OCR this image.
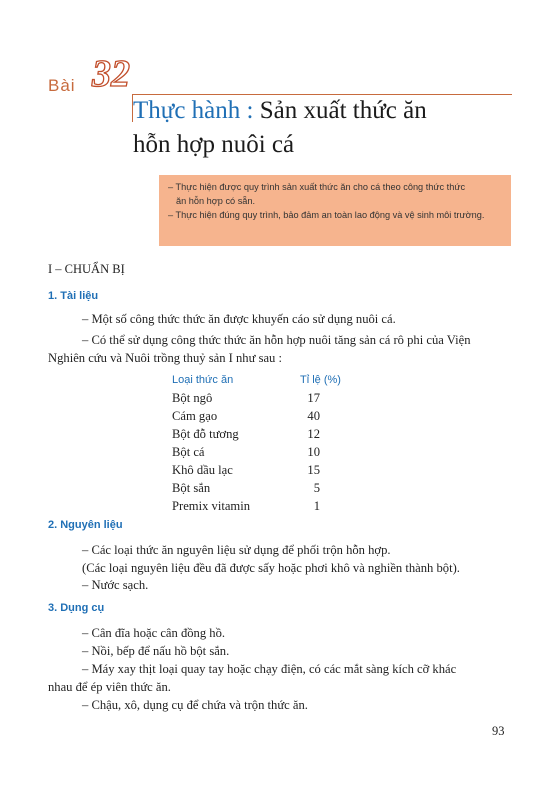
Bài 32
Thực hành : Sản xuất thức ăn
hỗn hợp nuôi cá

– Thực hiện được quy trình sản xuất thức ăn cho cá theo công thức thức

ăn hỗn hợp có sẵn.

– Thực hiện đúng quy trình, bảo đảm an toàn lao động và vệ sinh môi trường.

I – CHUẨN BỊ
1. Tài liệu
– Một số công thức thức ăn được khuyến cáo sử dụng nuôi cá.
– Có thể sử dụng công thức thức ăn hỗn hợp nuôi tăng sản cá rô phi của Viện
Nghiên cứu và Nuôi trồng thuỷ sản I như sau :
Loại thức ăn	Tỉ lệ (%)
Bột ngô	17
Cám gạo	40
Bột đỗ tương	12
Bột cá	10
Khô dầu lạc	15
Bột sắn	5
Premix vitamin	1
2. Nguyên liệu
– Các loại thức ăn nguyên liệu sử dụng để phối trộn hỗn hợp.
(Các loại nguyên liệu đều đã được sấy hoặc phơi khô và nghiền thành bột).
– Nước sạch.
3. Dụng cụ
– Cân đĩa hoặc cân đồng hồ.
– Nồi, bếp để nấu hồ bột sắn.
– Máy xay thịt loại quay tay hoặc chạy điện, có các mắt sàng kích cỡ khác
nhau để ép viên thức ăn.
– Chậu, xô, dụng cụ để chứa và trộn thức ăn.
93
